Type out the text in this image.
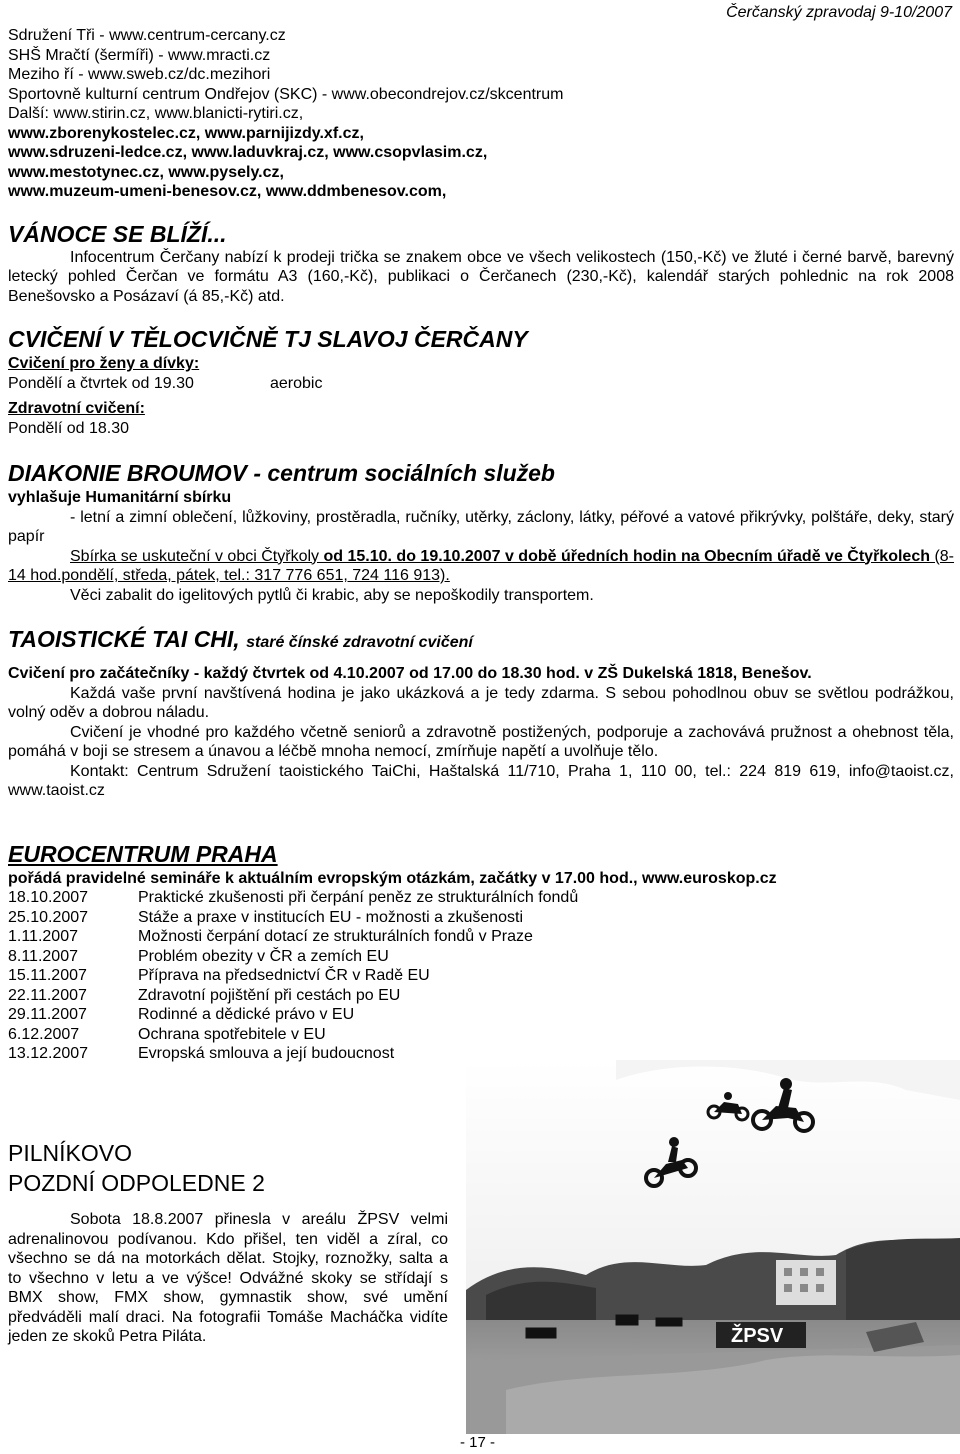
Čerčanský zpravodaj 9-10/2007
Sdružení Tři - www.centrum-cercany.cz
SHŠ Mračtí (šermíři) - www.mracti.cz
Meziho ří - www.sweb.cz/dc.mezihori
Sportovně kulturní centrum Ondřejov (SKC) - www.obecondrejov.cz/skcentrum
Další: www.stirin.cz, www.blanicti-rytiri.cz,
www.zborenykostelec.cz, www.parnijizdy.xf.cz,
www.sdruzeni-ledce.cz, www.laduvkraj.cz, www.csopvlasim.cz,
www.mestotynec.cz, www.pysely.cz,
www.muzeum-umeni-benesov.cz, www.ddmbenesov.com,
VÁNOCE SE BLÍŽÍ...
Infocentrum Čerčany nabízí k prodeji trička se znakem obce ve všech velikostech (150,-Kč) ve žluté i černé barvě, barevný letecký pohled Čerčan ve formátu A3 (160,-Kč), publikaci o Čerčanech (230,-Kč), kalendář starých pohlednic na rok 2008 Benešovsko a Posázaví (á 85,-Kč) atd.
CVIČENÍ V TĚLOCVIČNĚ TJ SLAVOJ ČERČANY
Cvičení pro ženy a dívky:
Pondělí a čtvrtek od 19.30	aerobic
Zdravotní cvičení:
Pondělí od 18.30
DIAKONIE BROUMOV - centrum sociálních služeb
vyhlašuje Humanitární sbírku
- letní a zimní oblečení, lůžkoviny, prostěradla, ručníky, utěrky, záclony, látky, péřové a vatové přikrývky, polštáře, deky, starý papír
Sbírka se uskuteční v obci Čtyřkoly od 15.10. do 19.10.2007 v době úředních hodin na Obecním úřadě ve Čtyřkolech (8-14 hod.pondělí, středa, pátek, tel.: 317 776 651, 724 116 913).
Věci zabalit do igelitových pytlů či krabic, aby se nepoškodily transportem.
TAOISTICKÉ TAI CHI, staré čínské zdravotní cvičení
Cvičení pro začátečníky - každý čtvrtek od 4.10.2007 od 17.00 do 18.30 hod. v ZŠ Dukelská 1818, Benešov.
Každá vaše první navštívená hodina je jako ukázková a je tedy zdarma. S sebou pohodlnou obuv se světlou podrážkou, volný oděv a dobrou náladu.
Cvičení je vhodné pro každého včetně seniorů a zdravotně postižených, podporuje a zachovává pružnost a ohebnost těla, pomáhá v boji se stresem a únavou a léčbě mnoha nemocí, zmírňuje napětí a uvolňuje tělo.
Kontakt: Centrum Sdružení taoistického TaiChi, Haštalská 11/710, Praha 1, 110 00, tel.: 224 819 619, info@taoist.cz, www.taoist.cz
EUROCENTRUM PRAHA
pořádá pravidelné semináře k aktuálním evropským otázkám, začátky v 17.00 hod., www.euroskop.cz
18.10.2007	Praktické zkušenosti při čerpání peněz ze strukturálních fondů
25.10.2007	Stáže a praxe v institucích EU - možnosti a zkušenosti
1.11.2007	Možnosti čerpání dotací ze strukturálních fondů v Praze
8.11.2007	Problém obezity v ČR a zemích EU
15.11.2007	Příprava na předsednictví ČR v Radě EU
22.11.2007	Zdravotní pojištění při cestách po EU
29.11.2007	Rodinné a dědické právo v EU
6.12.2007	Ochrana spotřebitele v EU
13.12.2007	Evropská smlouva a její budoucnost
PILNÍKOVO
POZDNÍ ODPOLEDNE 2
Sobota 18.8.2007 přinesla v areálu ŽPSV velmi adrenalinovou podívanou. Kdo přišel, ten viděl a zíral, co všechno se dá na motorkách dělat. Stojky, roznožky, salta a to všechno v letu a ve výšce! Odvážné skoky se střídají s BMX show, FMX show, gymnastik show, své umění předváděli malí draci. Na fotografii Tomáše Macháčka vidíte jeden ze skoků Petra Piláta.	ŽPSV
- 17 -
